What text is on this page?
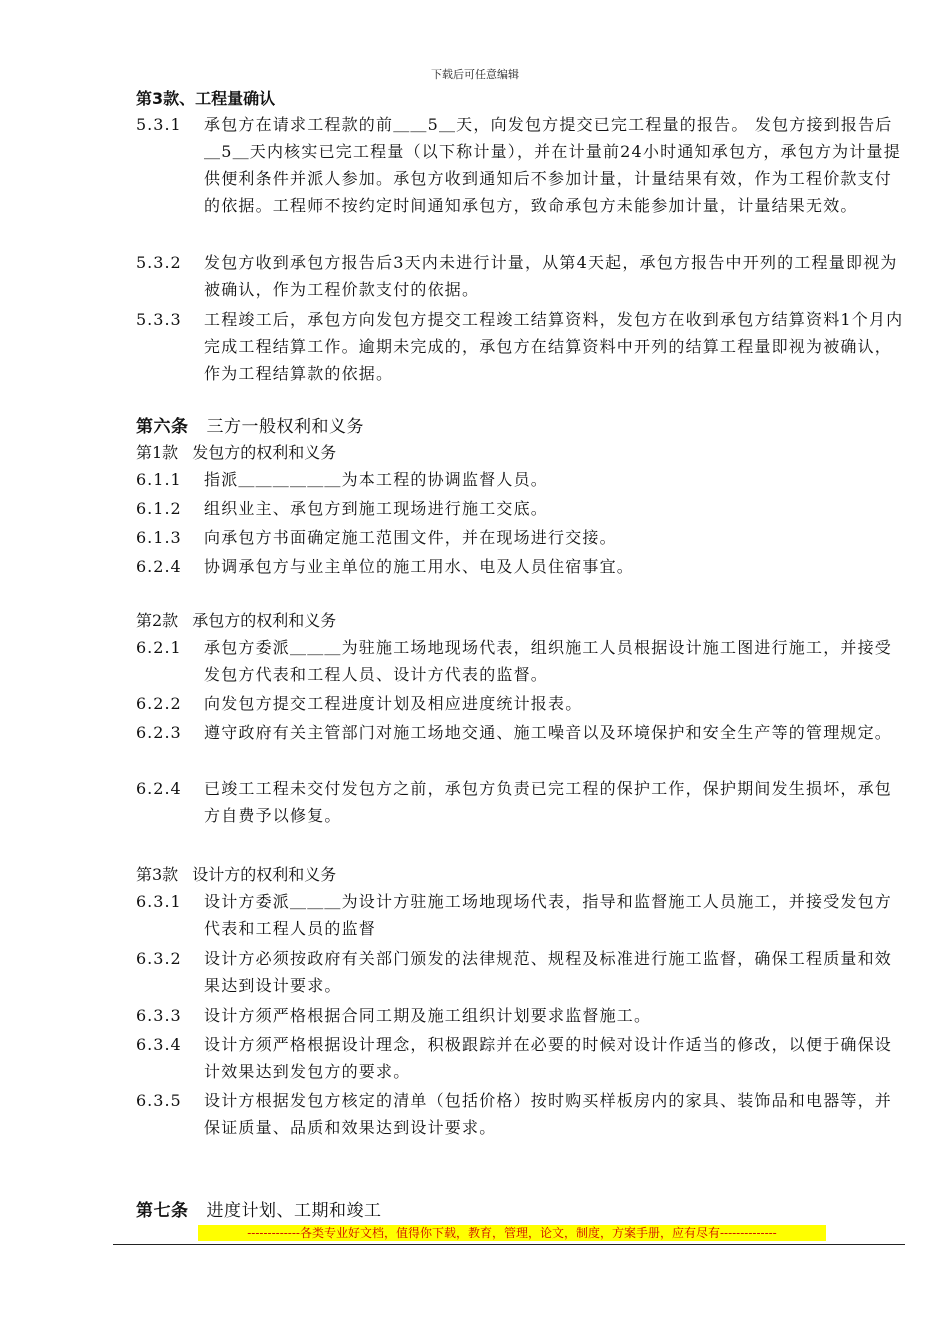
下载后可任意编辑
第3款、工程量确认
5.3.1	承包方在请求工程款的前＿＿5＿天，向发包方提交已完工程量的报告。 发包方接到报告后＿5＿天内核实已完工程量（以下称计量），并在计量前24小时通知承包方，承包方为计量提供便利条件并派人参加。承包方收到通知后不参加计量，计量结果有效，作为工程价款支付的依据。工程师不按约定时间通知承包方，致命承包方未能参加计量，计量结果无效。
5.3.2	发包方收到承包方报告后3天内未进行计量，从第4天起，承包方报告中开列的工程量即视为被确认，作为工程价款支付的依据。
5.3.3	工程竣工后，承包方向发包方提交工程竣工结算资料，发包方在收到承包方结算资料1个月内完成工程结算工作。逾期未完成的，承包方在结算资料中开列的结算工程量即视为被确认，作为工程结算款的依据。
第六条 三方一般权利和义务
第1款 发包方的权利和义务
6.1.1	指派＿＿＿＿＿＿为本工程的协调监督人员。
6.1.2	组织业主、承包方到施工现场进行施工交底。
6.1.3	向承包方书面确定施工范围文件，并在现场进行交接。
6.2.4	协调承包方与业主单位的施工用水、电及人员住宿事宜。
第2款 承包方的权利和义务
6.2.1	承包方委派＿＿＿为驻施工场地现场代表，组织施工人员根据设计施工图进行施工，并接受发包方代表和工程人员、设计方代表的监督。
6.2.2	向发包方提交工程进度计划及相应进度统计报表。
6.2.3	遵守政府有关主管部门对施工场地交通、施工噪音以及环境保护和安全生产等的管理规定。
6.2.4	已竣工工程未交付发包方之前，承包方负责已完工程的保护工作，保护期间发生损坏，承包方自费予以修复。
第3款 设计方的权利和义务
6.3.1	设计方委派＿＿＿为设计方驻施工场地现场代表，指导和监督施工人员施工，并接受发包方代表和工程人员的监督
6.3.2	设计方必须按政府有关部门颁发的法律规范、规程及标准进行施工监督，确保工程质量和效果达到设计要求。
6.3.3	设计方须严格根据合同工期及施工组织计划要求监督施工。
6.3.4	设计方须严格根据设计理念，积极跟踪并在必要的时候对设计作适当的修改，以便于确保设计效果达到发包方的要求。
6.3.5	设计方根据发包方核定的清单（包括价格）按时购买样板房内的家具、装饰品和电器等，并保证质量、品质和效果达到设计要求。
第七条 进度计划、工期和竣工
-------------各类专业好文档，值得你下载，教育，管理，论文，制度，方案手册，应有尽有--------------
